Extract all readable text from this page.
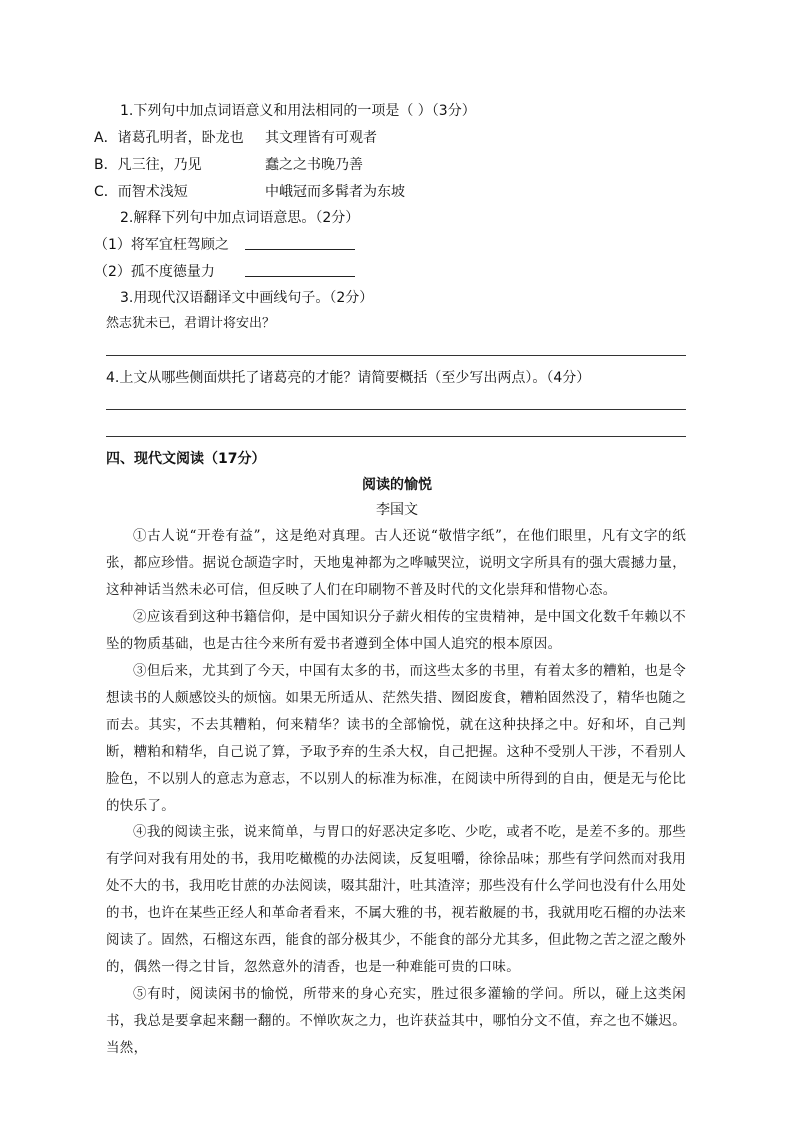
1.下列句中加点词语意义和用法相同的一项是（ ）（3分）
A．诸葛孔明者，卧龙也 其文理皆有可观者
B．凡三往，乃见	蠢之之书晚乃善
C．而智术浅短	中峨冠而多髯者为东坡
2.解释下列句中加点词语意思。（2分）
（1）将军宜枉驾顾之
（2）孤不度德量力
3.用现代汉语翻译文中画线句子。（2分）
然志犹未已，君谓计将安出？
4.上文从哪些侧面烘托了诸葛亮的才能？请简要概括（至少写出两点）。（4分）
四、现代文阅读（17分）
阅读的愉悦
李国文
①古人说“开卷有益”，这是绝对真理。古人还说“敬惜字纸”，在他们眼里，凡有文字的纸张，都应珍惜。据说仓颉造字时，天地鬼神都为之哗嘁哭泣，说明文字所具有的强大震撼力量，这种神话当然未必可信，但反映了人们在印刷物不普及时代的文化崇拜和惜物心态。
②应该看到这种书籍信仰，是中国知识分子薪火相传的宝贵精神，是中国文化数千年赖以不坠的物质基础，也是古往今来所有爱书者遵到全体中国人追究的根本原因。
③但后来，尤其到了今天，中国有太多的书，而这些太多的书里，有着太多的糟粕，也是令想读书的人颇感饺头的烦恼。如果无所适从、茫然失措、囫囵废食，糟粕固然没了，精华也随之而去。其实，不去其糟粕，何来精华？读书的全部愉悦，就在这种抉择之中。好和坏，自己判断，糟粕和精华，自己说了算，予取予弃的生杀大权，自己把握。这种不受别人干涉，不看别人脸色，不以别人的意志为意志，不以别人的标准为标准，在阅读中所得到的自由，便是无与伦比的快乐了。
④我的阅读主张，说来简单，与胃口的好恶决定多吃、少吃，或者不吃，是差不多的。那些有学问对我有用处的书，我用吃橄榄的办法阅读，反复咀嚼，徐徐品味；那些有学问然而对我用处不大的书，我用吃甘蔗的办法阅读，啜其甜汁，吐其渣滓；那些没有什么学问也没有什么用处的书，也许在某些正经人和革命者看来，不属大雅的书，视若敝屣的书，我就用吃石榴的办法来阅读了。固然，石榴这东西，能食的部分极其少，不能食的部分尤其多，但此物之苦之涩之酸外的，偶然一得之甘旨，忽然意外的清香，也是一种难能可贵的口味。
⑤有时，阅读闲书的愉悦，所带来的身心充实，胜过很多灌输的学问。所以，碰上这类闲书，我总是要拿起来翻一翻的。不惮吹灰之力，也许获益其中，哪怕分文不值，弃之也不嫌迟。当然，
